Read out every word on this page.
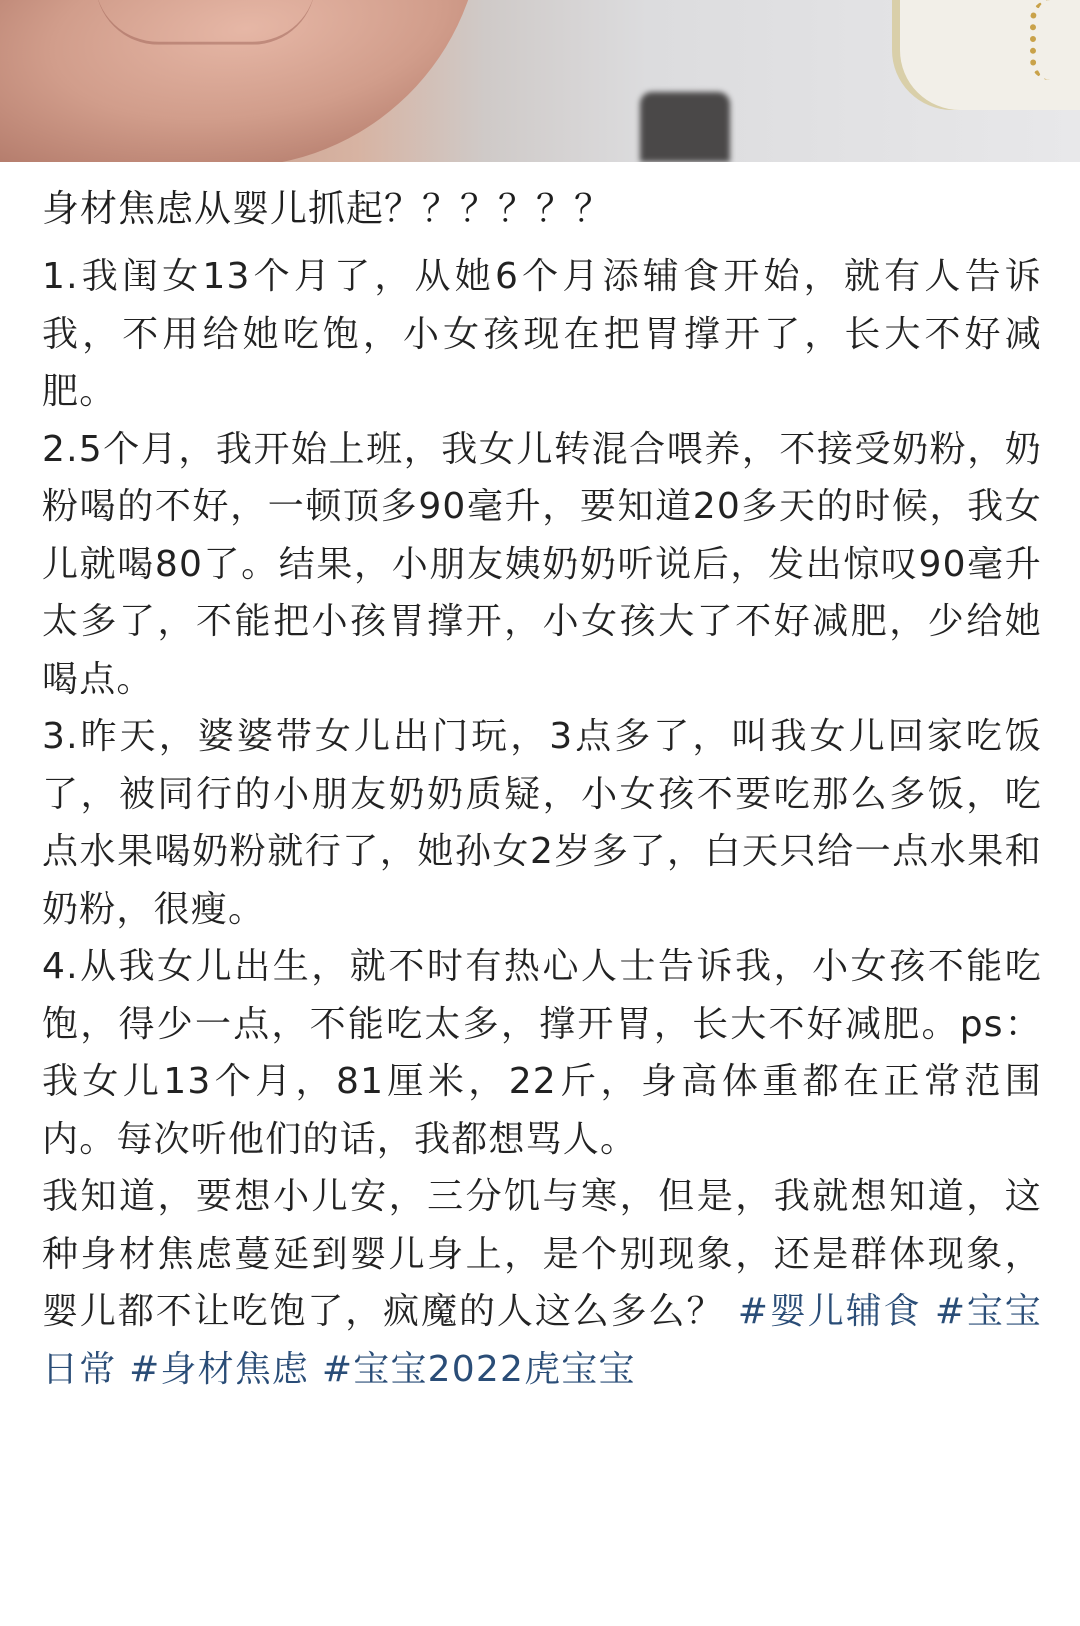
身材焦虑从婴儿抓起？？？？？？

1.我闺女13个月了，从她6个月添辅食开始，就有人告诉我，不用给她吃饱，小女孩现在把胃撑开了，长大不好减肥。

2.5个月，我开始上班，我女儿转混合喂养，不接受奶粉，奶粉喝的不好，一顿顶多90毫升，要知道20多天的时候，我女儿就喝80了。结果，小朋友姨奶奶听说后，发出惊叹90毫升太多了，不能把小孩胃撑开，小女孩大了不好减肥，少给她喝点。

3.昨天，婆婆带女儿出门玩，3点多了，叫我女儿回家吃饭了，被同行的小朋友奶奶质疑，小女孩不要吃那么多饭，吃点水果喝奶粉就行了，她孙女2岁多了，白天只给一点水果和奶粉，很瘦。

4.从我女儿出生，就不时有热心人士告诉我，小女孩不能吃饱，得少一点，不能吃太多，撑开胃，长大不好减肥。ps：我女儿13个月，81厘米，22斤，身高体重都在正常范围内。每次听他们的话，我都想骂人。

我知道，要想小儿安，三分饥与寒，但是，我就想知道，这种身材焦虑蔓延到婴儿身上，是个别现象，还是群体现象，婴儿都不让吃饱了，疯魔的人这么多么？ #婴儿辅食 #宝宝日常 #身材焦虑 #宝宝2022虎宝宝
